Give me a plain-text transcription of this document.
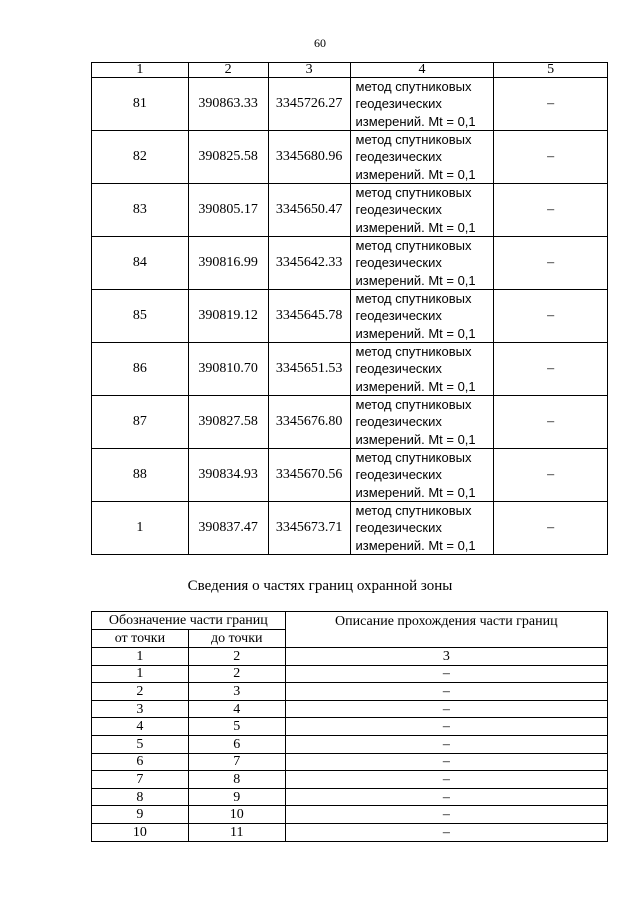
60
1	2	3	4	5
81	390863.33	3345726.27	метод спутниковых
геодезических
измерений. Mt = 0,1	–
82	390825.58	3345680.96	метод спутниковых
геодезических
измерений. Mt = 0,1	–
83	390805.17	3345650.47	метод спутниковых
геодезических
измерений. Mt = 0,1	–
84	390816.99	3345642.33	метод спутниковых
геодезических
измерений. Mt = 0,1	–
85	390819.12	3345645.78	метод спутниковых
геодезических
измерений. Mt = 0,1	–
86	390810.70	3345651.53	метод спутниковых
геодезических
измерений. Mt = 0,1	–
87	390827.58	3345676.80	метод спутниковых
геодезических
измерений. Mt = 0,1	–
88	390834.93	3345670.56	метод спутниковых
геодезических
измерений. Mt = 0,1	–
1	390837.47	3345673.71	метод спутниковых
геодезических
измерений. Mt = 0,1	–
Сведения о частях границ охранной зоны
Обозначение части границ		Описание прохождения части границ
от точки	до точки	
1	2	3
1	2	–
2	3	–
3	4	–
4	5	–
5	6	–
6	7	–
7	8	–
8	9	–
9	10	–
10	11	–
